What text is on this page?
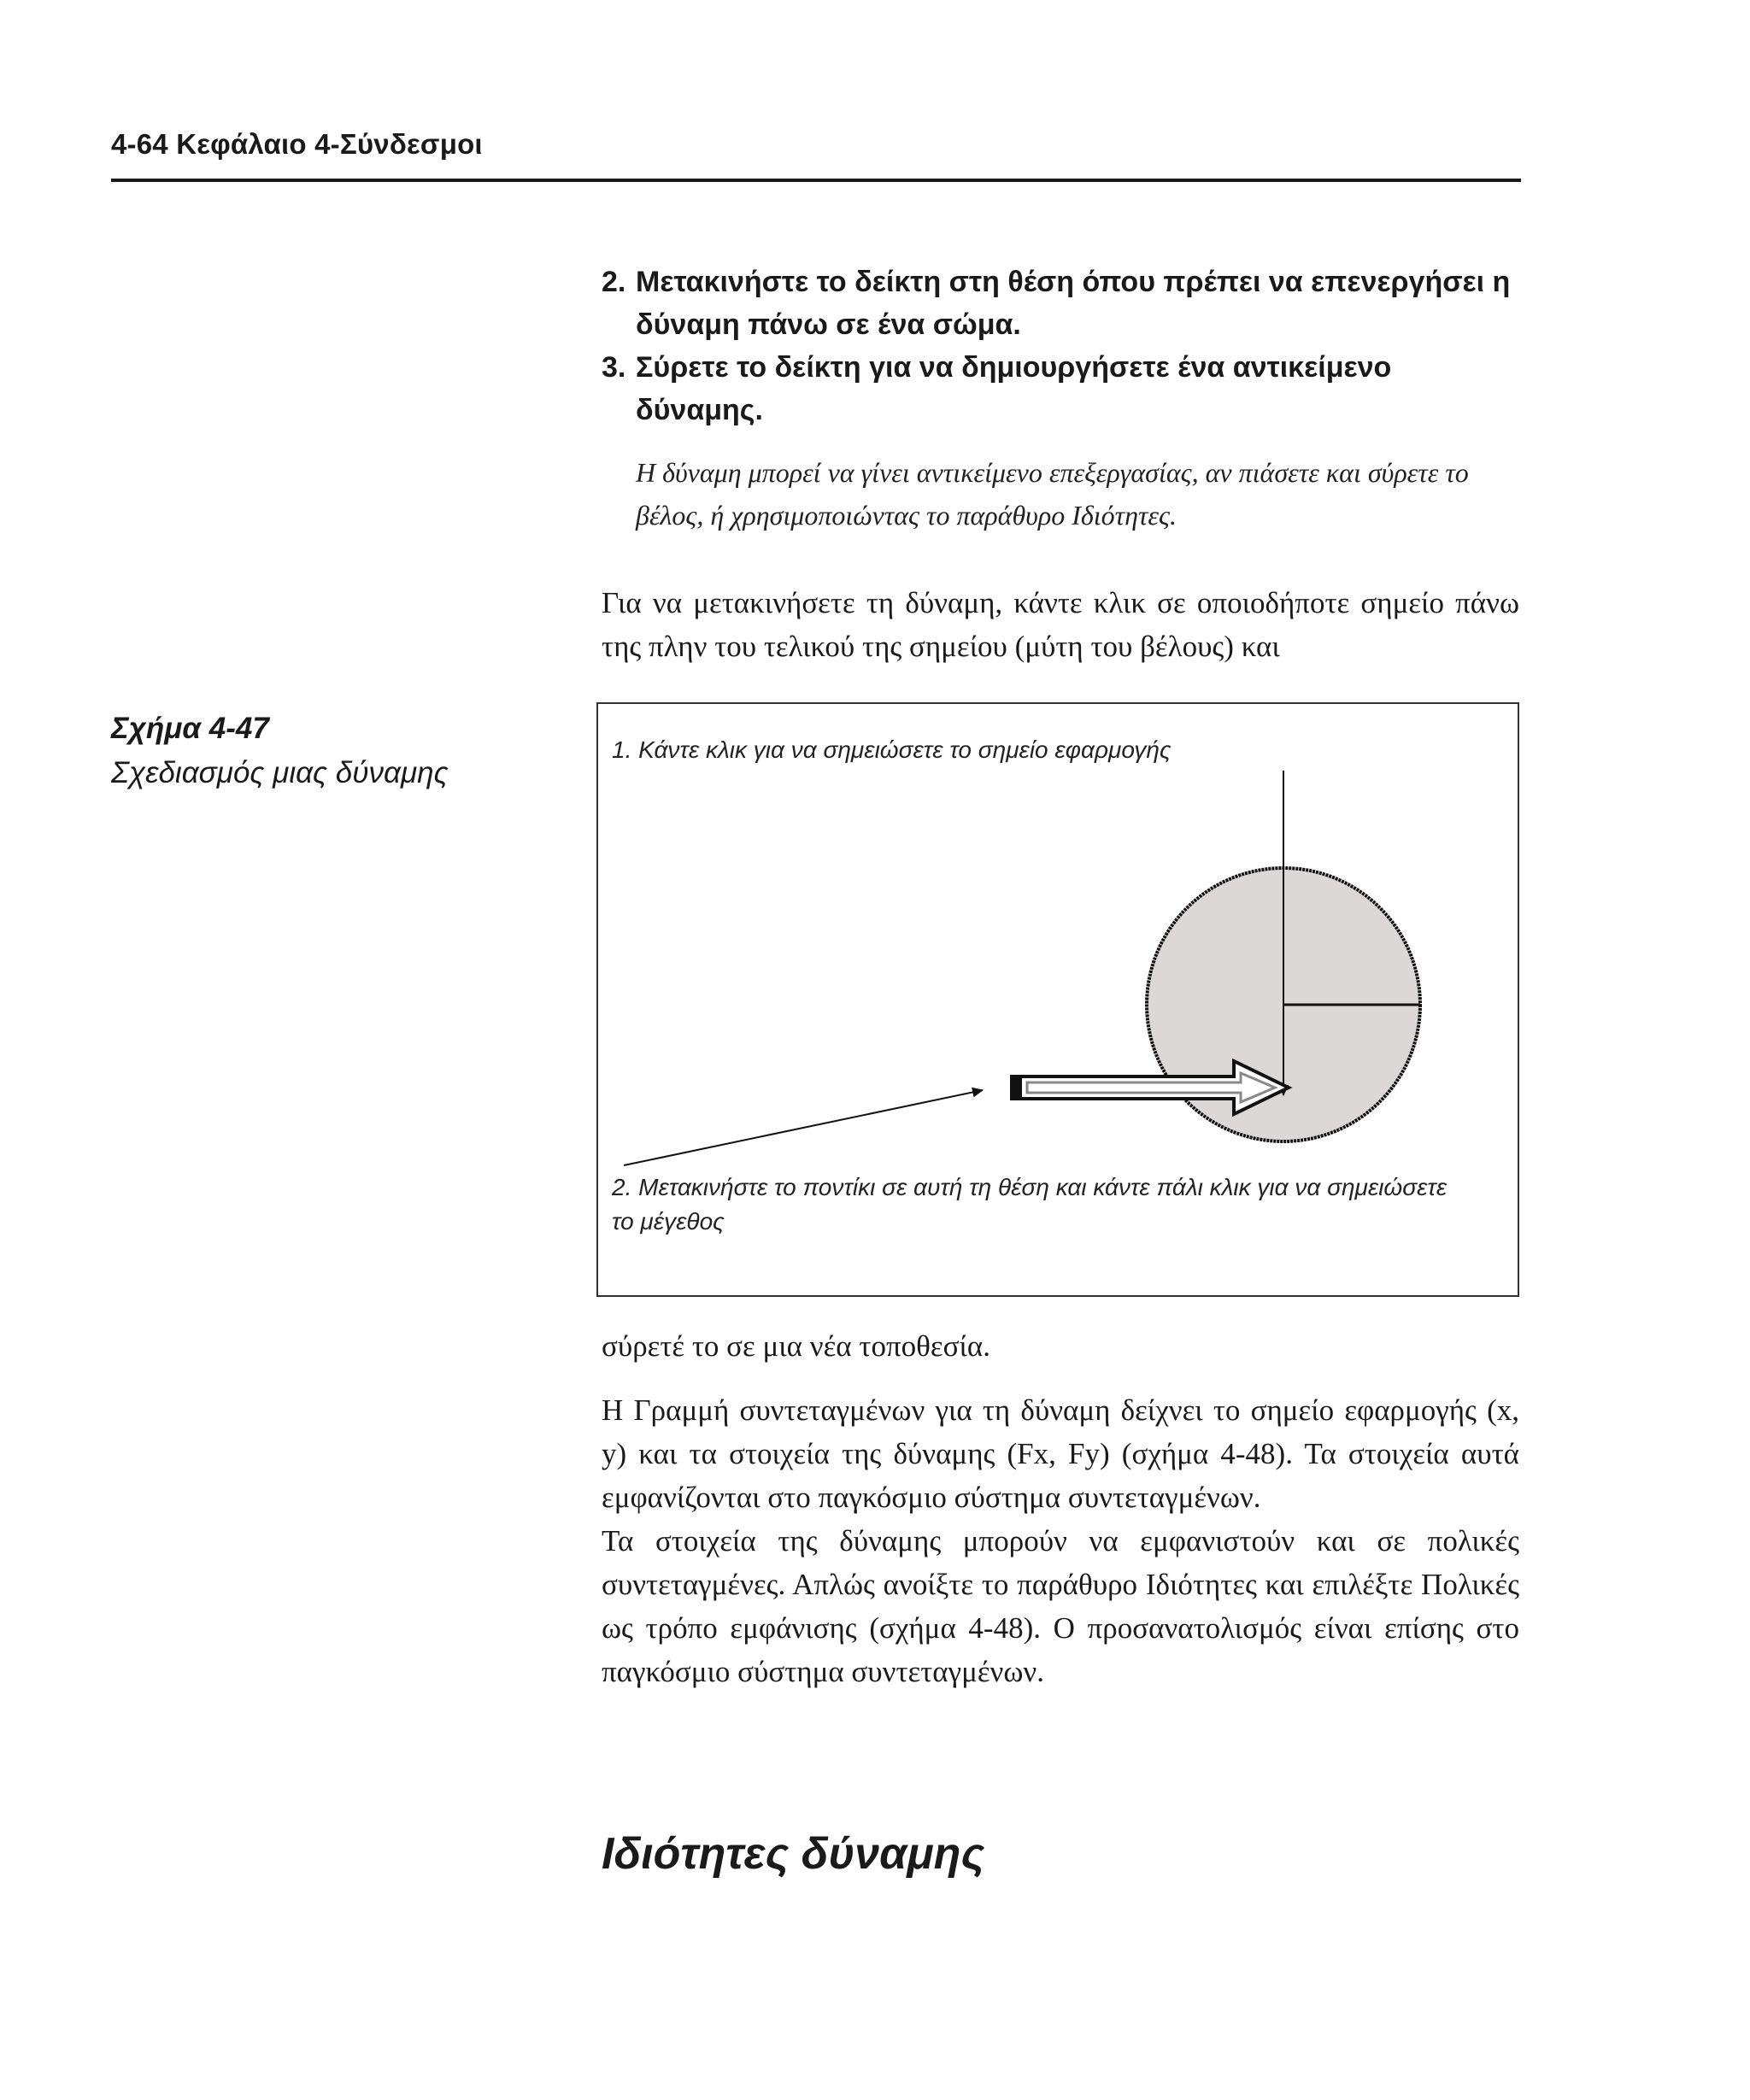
4-64 Κεφάλαιο 4-Σύνδεσμοι
2. Μετακινήστε το δείκτη στη θέση όπου πρέπει να επενεργήσει η δύναμη πάνω σε ένα σώμα.
3. Σύρετε το δείκτη για να δημιουργήσετε ένα αντικείμενο δύναμης.
Η δύναμη μπορεί να γίνει αντικείμενο επεξεργασίας, αν πιάσετε και σύρετε το βέλος, ή χρησιμοποιώντας το παράθυρο Ιδιότητες.

Για να μετακινήσετε τη δύναμη, κάντε κλικ σε οποιοδήποτε σημείο πάνω της πλην του τελικού της σημείου (μύτη του βέλους) και

Σχήμα 4-47
Σχεδιασμός μιας δύναμης
1. Κάντε κλικ για να σημειώσετε το σημείο εφαρμογής
2. Μετακινήστε το ποντίκι σε αυτή τη θέση και κάντε πάλι κλικ για να σημειώσετε το μέγεθος

σύρετέ το σε μια νέα τοποθεσία.

Η Γραμμή συντεταγμένων για τη δύναμη δείχνει το σημείο εφαρμογής (x, y) και τα στοιχεία της δύναμης (Fx, Fy) (σχήμα 4-48). Τα στοιχεία αυτά εμφανίζονται στο παγκόσμιο σύστημα συντεταγμένων.

Τα στοιχεία της δύναμης μπορούν να εμφανιστούν και σε πολικές συντεταγμένες. Απλώς ανοίξτε το παράθυρο Ιδιότητες και επιλέξτε Πολικές ως τρόπο εμφάνισης (σχήμα 4-48). Ο προσανατολισμός είναι επίσης στο παγκόσμιο σύστημα συντεταγμένων.

Ιδιότητες δύναμης
